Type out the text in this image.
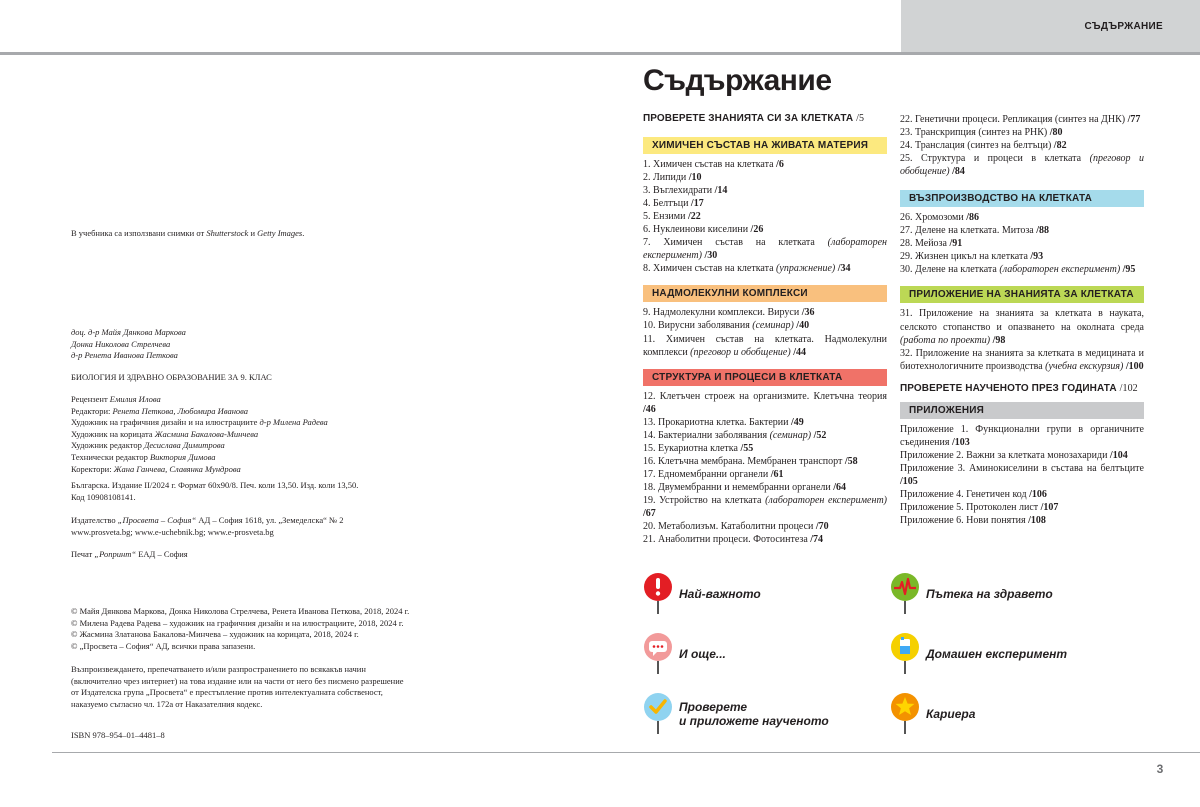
СЪДЪРЖАНИЕ
3

В учебника са използвани снимки от Shutterstock и Getty Images.

доц. д-р Майя Дянкова Маркова

Донка Николова Стрелчева

д-р Ренета Иванова Петкова

БИОЛОГИЯ И ЗДРАВНО ОБРАЗОВАНИЕ ЗА 9. КЛАС

Рецензент Емилия Илова

Редактори: Ренета Петкова, Любомира Иванова

Художник на графичния дизайн и на илюстрациите д-р Милена Радева

Художник на корицата Жасмина Бакалова-Минчева

Художник редактор Десислава Димитрова

Технически редактор Виктория Димова

Коректори: Жана Ганчева, Славянка Мундрова

Българска. Издание II/2024 г. Формат 60x90/8. Печ. коли 13,50. Изд. коли 13,50.

Код 10908108141.

Издателство „Просвета – София“ АД – София 1618, ул. „Земеделска“ № 2

www.prosveta.bg; www.e-uchebnik.bg; www.e-prosveta.bg

Печат „Ропринт“ ЕАД – София

© Майя Дянкова Маркова, Донка Николова Стрелчева, Ренета Иванова Петкова, 2018, 2024 г.

© Милена Радева Радева – художник на графичния дизайн и на илюстрациите, 2018, 2024 г.

© Жасмина Златанова Бакалова-Минчева – художник на корицата, 2018, 2024 г.

© „Просвета – София“ АД, всички права запазени.

Възпроизвеждането, препечатването и/или разпространението по всякакъв начин

(включително чрез интернет) на това издание или на части от него без писмено разрешение

от Издателска група „Просвета“ е престъпление против интелектуалната собственост,

наказуемо съгласно чл. 172а от Наказателния кодекс.

ISBN 978–954–01–4481–8

Съдържание
ПРОВЕРЕТЕ ЗНАНИЯТА СИ ЗА КЛЕТКАТА /5
ХИМИЧЕН СЪСТАВ НА ЖИВАТА МАТЕРИЯ
1. Химичен състав на клетката /6
2. Липиди /10
3. Въглехидрати /14
4. Белтъци /17
5. Ензими /22
6. Нуклеинови киселини /26
7. Химичен състав на клетката (лабораторен експеримент) /30
8. Химичен състав на клетката (упражнение) /34
НАДМОЛЕКУЛНИ КОМПЛЕКСИ
9. Надмолекулни комплекси. Вируси /36
10. Вирусни заболявания (семинар) /40
11. Химичен състав на клетката. Надмолекулни комплекси (преговор и обобщение) /44
СТРУКТУРА И ПРОЦЕСИ В КЛЕТКАТА
12. Клетъчен строеж на организмите. Клетъчна теория /46
13. Прокариотна клетка. Бактерии /49
14. Бактериални заболявания (семинар) /52
15. Еукариотна клетка /55
16. Клетъчна мембрана. Мембранен транспорт /58
17. Едномембранни органели /61
18. Двумембранни и немембранни органели /64
19. Устройство на клетката (лабораторен експеримент) /67
20. Метаболизъм. Катаболитни процеси /70
21. Анаболитни процеси. Фотосинтеза /74
22. Генетични процеси. Репликация (синтез на ДНК) /77
23. Транскрипция (синтез на РНК) /80
24. Транслация (синтез на белтъци) /82
25. Структура и процеси в клетката (преговор и обобщение) /84
ВЪЗПРОИЗВОДСТВО НА КЛЕТКАТА
26. Хромозоми /86
27. Делене на клетката. Митоза /88
28. Мейоза /91
29. Жизнен цикъл на клетката /93
30. Делене на клетката (лабораторен експеримент) /95
ПРИЛОЖЕНИЕ НА ЗНАНИЯТА ЗА КЛЕТКАТА
31. Приложение на знанията за клетката в науката, селското стопанство и опазването на околната среда (работа по проекти) /98
32. Приложение на знанията за клетката в медицината и биотехнологичните производства (учебна екскурзия) /100
ПРОВЕРЕТЕ НАУЧЕНОТО ПРЕЗ ГОДИНАТА /102
ПРИЛОЖЕНИЯ
Приложение 1. Функционални групи в органичните съединения /103
Приложение 2. Важни за клетката монозахариди /104
Приложение 3. Аминокиселини в състава на белтъците /105
Приложение 4. Генетичен код /106
Приложение 5. Протоколен лист /107
Приложение 6. Нови понятия /108
Най-важното	Пътека на здравето
И още...	Домашен експеримент
Проверете
и приложете наученото	Кариера
